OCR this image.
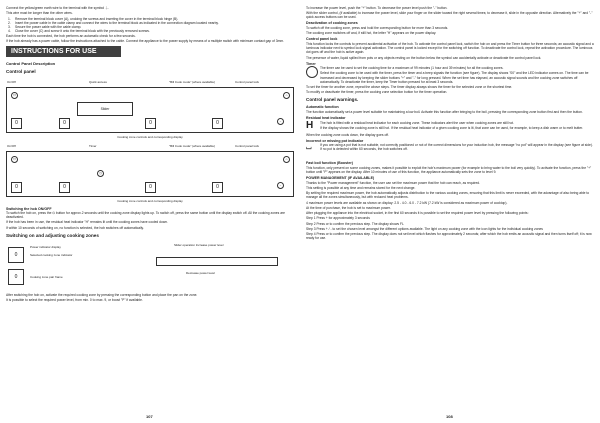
Connect the yellow/green earth wire to the terminal with the symbol ⏚.

This wire must be longer than the other wires.

1. Remove the terminal block cover (A), undoing the screws and inserting the cover in the terminal block hinge (B).
2. Insert the power cable in the cable clamp and connect the wires to the terminal block as indicated in the connection diagram located nearby.
3. Secure the power cable with the cable clamp.
4. Close the cover (C) and screw it onto the terminal block with the previously removed screws.

Each time the hob is connected, the hob performs an automatic check for a few seconds.

If the hob already has a power cable, follow the instructions attached to the cable. Connect the appliance to the power supply by means of a multiple switch with minimum contact gap of 3mm.

INSTRUCTIONS FOR USE
Control Panel Description
Control panel
On/Off	Quick access	"Bill Cook mode" (where available)	Control panel lock
⏻	⌂
0	0	0	0
Slider
−
Cooking zone controls and corresponding display
On/Off	Timer	"Bill Cook mode" (where available)	Control panel lock
⏻
◷
⌂
0	0	0	0	−
Cooking zone controls and corresponding display
Switching the hob ON/OFF

To switch the hob on, press the ⏻ button for approx.2 seconds until the cooking zone display lights up. To switch off, press the same button until the display switch off. All the cooking zones are deactivated.

If the hob has been in use, the residual heat indicator "H" remains lit until the cooking zones have cooled down.

If within 10 seconds of switching on, no function is selected, the hob switches off automatically.

Switching on and adjusting cooking zones
0
0
Power indicator display
Selected cooking zone indicator
Cooking zone pair frame
Slider operation Increase power level
Decrease power level

After switching the hob on, activate the required cooking zone by pressing the corresponding button and place the pan on the zone.

It is possible to select the required power level, from min. 0 to max. 9, or boost "P" if available.

107

To increase the power level, push the "+" button. To decrease the power level push the "-" button.

With the slider control, (if available) to increase the power level, slide your finger on the slider toward the right several times; to decrease it, slide in the opposite direction. Alternatively the "+" and "-" quick access buttons can be used.

Deactivation of cooking zones

To switch off the cooking zone, press and hold the corresponding button for more than 3 seconds.

The cooking zone switches off and, if still hot, the letter "H" appears on the power display.

Control panel lock

This function locks the controls to prevent accidental activation of the hob. To activate the control panel lock, switch the hob on and press the Timer button for three seconds; an acoustic signal and a luminous indicator next to symbol lock signal activation. The control panel is locked except for the switching off function. To deactivate the control lock, repeat the activation procedure. The luminous dot goes off and the hob is active again.

The presence of water, liquid spilled from pots or any objects resting on the button below the symbol can accidentally activate or deactivate the control panel lock.

Timer

The timer can be used to set the cooking time for a maximum of 99 minutes (1 hour and 39 minutes) for all the cooking zones.

Select the cooking zone to be used with the timer, press the timer and a beep signals the function (see figure). The display shows "00" and the LED indicator comes on. The time can be increased and decreased by keeping the slider buttons "+" and "-" for long pressed. When the set time has elapsed, an acoustic signal sounds and the cooking zone switches off automatically. To deactivate the timer, keep the Timer button pressed for at least 3 seconds.

To set the timer for another zone, repeat the above steps. The timer display always shows the timer for the selected zone or the shortest time.

To modify or deactivate the timer, press the cooking zone selection button for the timer operation.

Control panel warnings.
Automatic function

The function automatically set a power level suitable for maintaining a low boil. Activate this function after bringing to the boil, pressing the corresponding zone button first and then the button.

Residual heat indicator
H The hob is fitted with a residual heat indicator for each cooking zone. These indicators alert the user when cooking zones are still hot.

If the display shows the cooking zone is still hot. If the residual heat indicator of a given cooking zone is lit, that zone can be used, for example, to keep a dish warm or to melt butter.

When the cooking zone cools down, the display goes off.

Incorrect or missing pot indicator
⌴	If you are using a pot that is not suitable, not correctly positioned or not of the correct dimensions for your induction hob, the message "no pot" will appear in the display (see figure at side). If no pot is detected within 60 seconds, the hob switches off.

Fast boil function (Booster)

This function, only present on some cooking zones, makes it possible to exploit the hob's maximum power (for example to bring water to the boil very quickly). To activate the function, press the "+" button until "P" appears on the display. After 10 minutes of use of this function, the appliance automatically sets the zone to level 9.

POWER MANAGEMENT (IF AVAILABLE)

Thanks to the "Power management" function, the user can set the maximum power that the hob can reach, as required.

This setting is possible at any time and remains stored for the next change.

By setting the required maximum power, the hob automatically adjusts distribution to the various cooking zones, ensuring that this limit is never exceeded, with the advantage of also being able to manage all the zones simultaneously, but with reduced heat problems.

4 maximum power levels are available as shown on display: 2.5 - 4.0 - 6.0 - 7.2 kW (7.2 kW is considered as maximum power of cooktop).

At the time of purchase, the hob is set to maximum power.

After plugging the appliance into the electrical socket, in the first 60 seconds it is possible to set the required power level by pressing the following points:

Step 1 Press + for approximately 3 seconds

Step 2 Press or to confirm the previous step. The display shows FL

Step 3 Press + / - to set the chosen level amongst the different options available. The light on any cooking zone with the icon lights for the individual cooking zones

Step 4 Press or to confirm the previous step. The display does not set level which flashes for approximately 2 seconds; after which the hob emits an acoustic signal and then turns itself off; it is now ready for use.

108
